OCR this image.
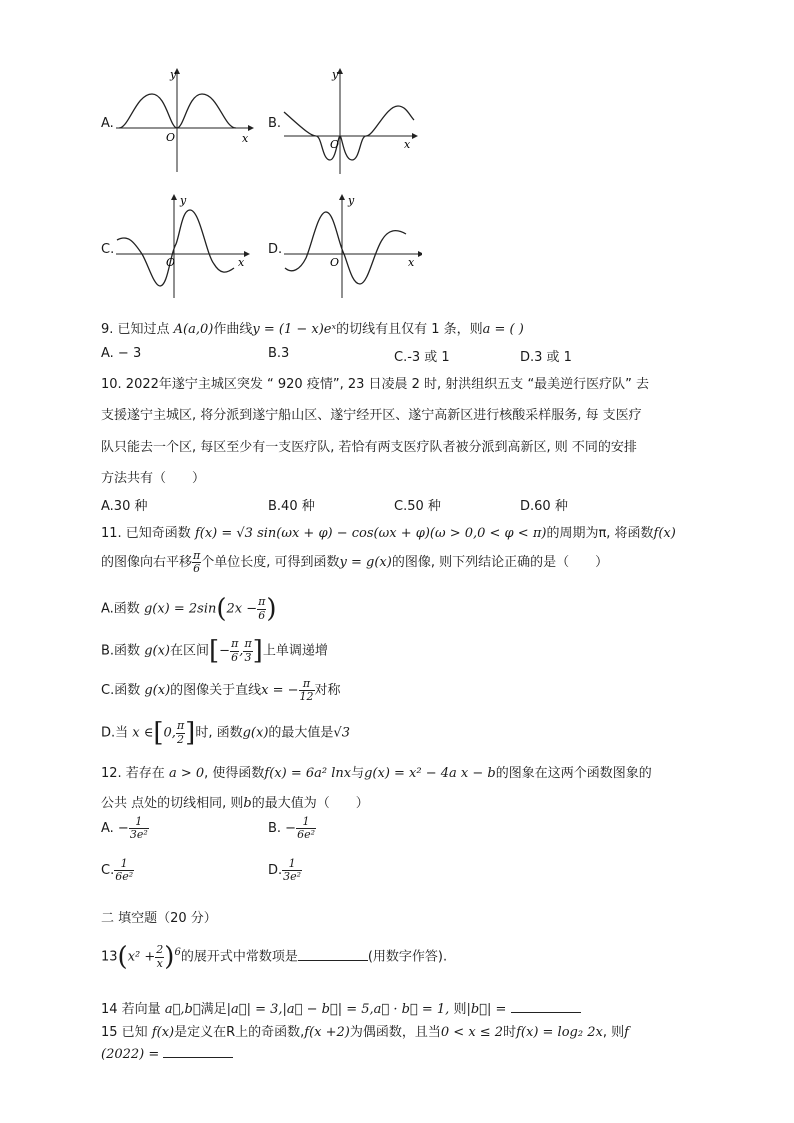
A.
y
x
O
B.
y
x
O
C.
y
x
O
D.
y
x
O
9. 已知过点 A(a,0)作曲线y = (1 − x)eˣ的切线有且仅有 1 条，则a = ( )
A. − 3	B.3	C.-3 或 1	D.3 或 1
10. 2022年遂宁主城区突发 “ 920 疫情”, 23 日凌晨 2 时, 射洪组织五支 “最美逆行医疗队” 去
支援遂宁主城区, 将分派到遂宁船山区、遂宁经开区、遂宁高新区进行核酸采样服务, 每 支医疗
队只能去一个区, 每区至少有一支医疗队, 若恰有两支医疗队者被分派到高新区, 则 不同的安排
方法共有（　　）
A.30 种	B.40 种	C.50 种	D.60 种
11. 已知奇函数 f(x) = √3 sin(ωx + φ) − cos(ωx + φ)(ω > 0,0 < φ < π)的周期为π, 将函数f(x)
的图像向右平移 $\frac{\pi}{6}$ 个单位长度, 可得到函数y = g(x)的图像, 则下列结论正确的是（　　）
A.函数 $g(x) = 2\sin(2x - \frac{\pi}{6}$ )
B.函数 g(x)在区间[− $\frac{\pi}{6}$ , $\frac{\pi}{3}$ ]上单调递增
C.函数 g(x)的图像关于直线x = − $\frac{\pi}{12}$ 对称
D.当 x ∈[0, $\frac{\pi}{2}$ ]时, 函数g(x)的最大值是√3
12. 若存在 a > 0, 使得函数f(x) = 6a² lnx与g(x) = x² − 4a x − b的图象在这两个函数图象的
公共 点处的切线相同, 则b的最大值为（　　）
A. − $\frac{1}{\text{3e²}}$	B. − $\frac{1}{\text{6e²}}$
C. $\frac{1}{\text{6e²}}$	D. $\frac{1}{\text{3e²}}$
二 填空题（20 分）
$13(x^2 + \frac{2}{x} )^6$的展开式中常数项是	(用数字作答).
14 若向量 a⃗,b⃗满足|a⃗| = 3,|a⃗ − b⃗| = 5,a⃗ · b⃗ = 1, 则|b⃗| =
15 已知 f(x)是定义在R上的奇函数,f(x +2)为偶函数，且当0 < x ≤ 2时f(x) = log₂ 2x, 则f
(2022) =
